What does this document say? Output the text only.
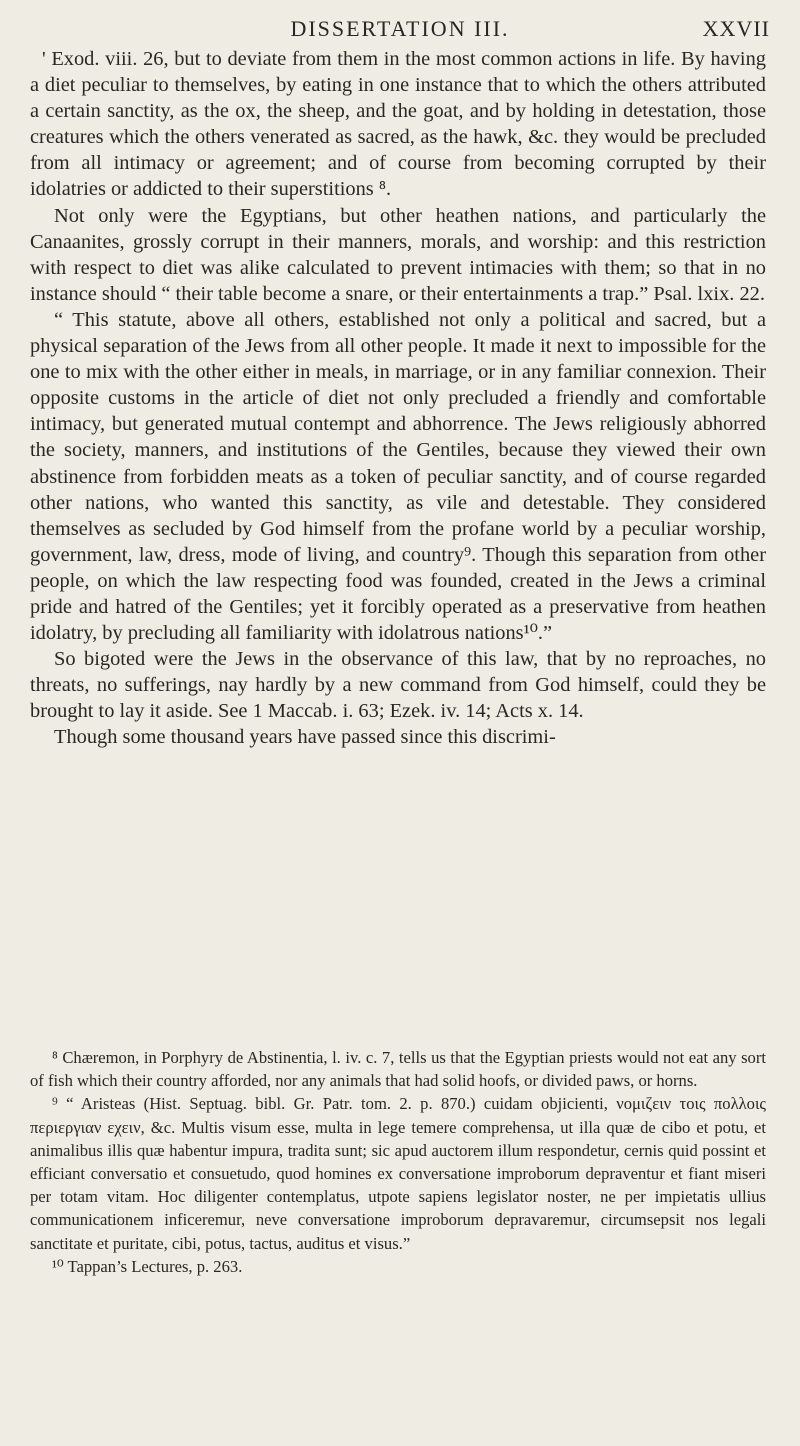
DISSERTATION III.	XXVII

' Exod. viii. 26, but to deviate from them in the most common actions in life. By having a diet peculiar to themselves, by eating in one instance that to which the others attributed a certain sanctity, as the ox, the sheep, and the goat, and by holding in detestation, those creatures which the others venerated as sacred, as the hawk, &c. they would be precluded from all intimacy or agreement; and of course from becoming corrupted by their idolatries or addicted to their superstitions ⁸.

Not only were the Egyptians, but other heathen nations, and particularly the Canaanites, grossly corrupt in their manners, morals, and worship: and this restriction with respect to diet was alike calculated to prevent intimacies with them; so that in no instance should “ their table become a snare, or their entertainments a trap.” Psal. lxix. 22.

“ This statute, above all others, established not only a political and sacred, but a physical separation of the Jews from all other people. It made it next to impossible for the one to mix with the other either in meals, in marriage, or in any familiar connexion. Their opposite customs in the article of diet not only precluded a friendly and comfortable intimacy, but generated mutual contempt and abhorrence. The Jews religiously abhorred the society, manners, and institutions of the Gentiles, because they viewed their own abstinence from forbidden meats as a token of peculiar sanctity, and of course regarded other nations, who wanted this sanctity, as vile and detestable. They considered themselves as secluded by God himself from the profane world by a peculiar worship, government, law, dress, mode of living, and country⁹. Though this separation from other people, on which the law respecting food was founded, created in the Jews a criminal pride and hatred of the Gentiles; yet it forcibly operated as a preservative from heathen idolatry, by precluding all familiarity with idolatrous nations¹⁰.”

So bigoted were the Jews in the observance of this law, that by no reproaches, no threats, no sufferings, nay hardly by a new command from God himself, could they be brought to lay it aside. See 1 Maccab. i. 63; Ezek. iv. 14; Acts x. 14.

Though some thousand years have passed since this discrimi-

⁸ Chæremon, in Porphyry de Abstinentia, l. iv. c. 7, tells us that the Egyptian priests would not eat any sort of fish which their country afforded, nor any animals that had solid hoofs, or divided paws, or horns.

⁹ “ Aristeas (Hist. Septuag. bibl. Gr. Patr. tom. 2. p. 870.) cuidam objicienti, νομιζειν τοις πολλοις περιεργιαν εχειν, &c. Multis visum esse, multa in lege temere comprehensa, ut illa quæ de cibo et potu, et animalibus illis quæ habentur impura, tradita sunt; sic apud auctorem illum respondetur, cernis quid possint et efficiant conversatio et consuetudo, quod homines ex conversatione improborum depraventur et fiant miseri per totam vitam. Hoc diligenter contemplatus, utpote sapiens legislator noster, ne per impietatis ullius communicationem inficeremur, neve conversatione improborum depravaremur, circumsepsit nos legali sanctitate et puritate, cibi, potus, tactus, auditus et visus.”

¹⁰ Tappan’s Lectures, p. 263.
